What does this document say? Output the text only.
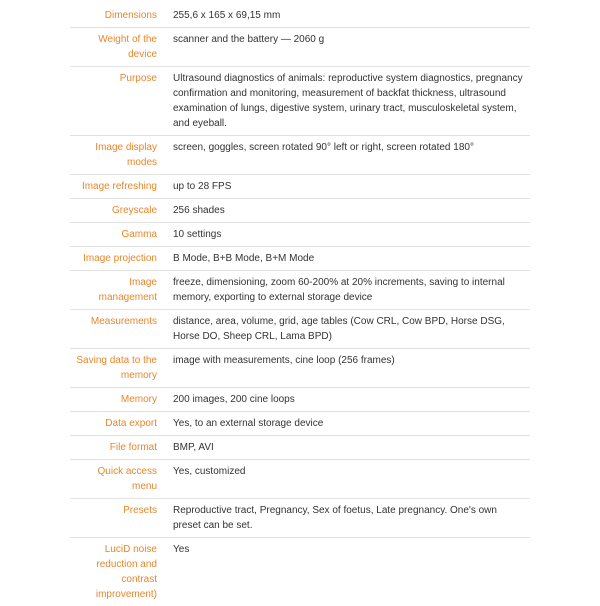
Dimensions	255,6 x 165 x 69,15 mm
Weight of the device	scanner and the battery — 2060 g
Purpose	Ultrasound diagnostics of animals: reproductive system diagnostics, pregnancy confirmation and monitoring, measurement of backfat thickness, ultrasound examination of lungs, digestive system, urinary tract, musculoskeletal system, and eyeball.
Image display modes	screen, goggles, screen rotated 90° left or right, screen rotated 180°
Image refreshing	up to 28 FPS
Greyscale	256 shades
Gamma	10 settings
Image projection	B Mode, B+B Mode, B+M Mode
Image management	freeze, dimensioning, zoom 60-200% at 20% increments, saving to internal memory, exporting to external storage device
Measurements	distance, area, volume, grid, age tables (Cow CRL, Cow BPD, Horse DSG, Horse DO, Sheep CRL, Lama BPD)
Saving data to the memory	image with measurements, cine loop (256 frames)
Memory	200 images, 200 cine loops
Data export	Yes, to an external storage device
File format	BMP, AVI
Quick access menu	Yes, customized
Presets	Reproductive tract, Pregnancy, Sex of foetus, Late pregnancy. One's own preset can be set.
LuciD noise reduction and contrast improvement)	Yes
